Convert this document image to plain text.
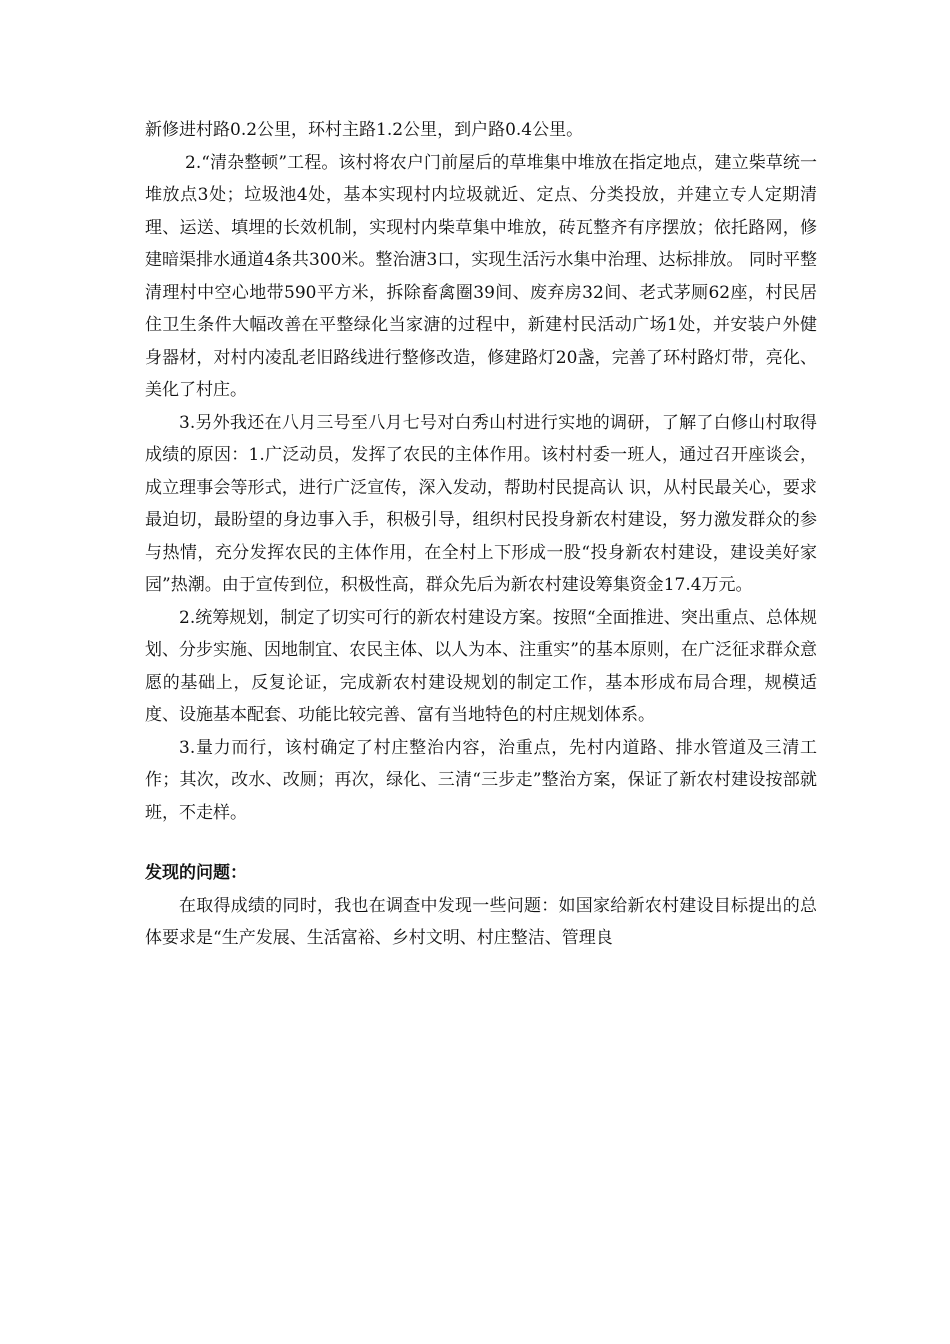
新修进村路0.2公里，环村主路1.2公里，到户路0.4公里。

2.“清杂整顿”工程。该村将农户门前屋后的草堆集中堆放在指定地点，建立柴草统一堆放点3处；垃圾池4处，基本实现村内垃圾就近、定点、分类投放，并建立专人定期清理、运送、填埋的长效机制，实现村内柴草集中堆放，砖瓦整齐有序摆放；依托路网，修建暗渠排水通道4条共300米。整治溏3口，实现生活污水集中治理、达标排放。 同时平整清理村中空心地带590平方米，拆除畜禽圈39间、废弃房32间、老式茅厕62座，村民居住卫生条件大幅改善在平整绿化当家溏的过程中，新建村民活动广场1处，并安装户外健身器材，对村内凌乱老旧路线进行整修改造，修建路灯20盏，完善了环村路灯带，亮化、美化了村庄。

3.另外我还在八月三号至八月七号对白秀山村进行实地的调研，了解了白修山村取得成绩的原因：1.广泛动员，发挥了农民的主体作用。该村村委一班人，通过召开座谈会，成立理事会等形式，进行广泛宣传，深入发动，帮助村民提高认 识，从村民最关心，要求最迫切，最盼望的身边事入手，积极引导，组织村民投身新农村建设，努力激发群众的参与热情，充分发挥农民的主体作用，在全村上下形成一股“投身新农村建设，建设美好家园”热潮。由于宣传到位，积极性高，群众先后为新农村建设筹集资金17.4万元。

2.统筹规划，制定了切实可行的新农村建设方案。按照“全面推进、突出重点、总体规划、分步实施、因地制宜、农民主体、以人为本、注重实”的基本原则，在广泛征求群众意愿的基础上，反复论证，完成新农村建设规划的制定工作，基本形成布局合理，规模适度、设施基本配套、功能比较完善、富有当地特色的村庄规划体系。

3.量力而行，该村确定了村庄整治内容，治重点，先村内道路、排水管道及三清工作；其次，改水、改厕；再次，绿化、三清“三步走”整治方案，保证了新农村建设按部就班，不走样。

发现的问题：

在取得成绩的同时，我也在调查中发现一些问题：如国家给新农村建设目标提出的总体要求是“生产发展、生活富裕、乡村文明、村庄整洁、管理良
